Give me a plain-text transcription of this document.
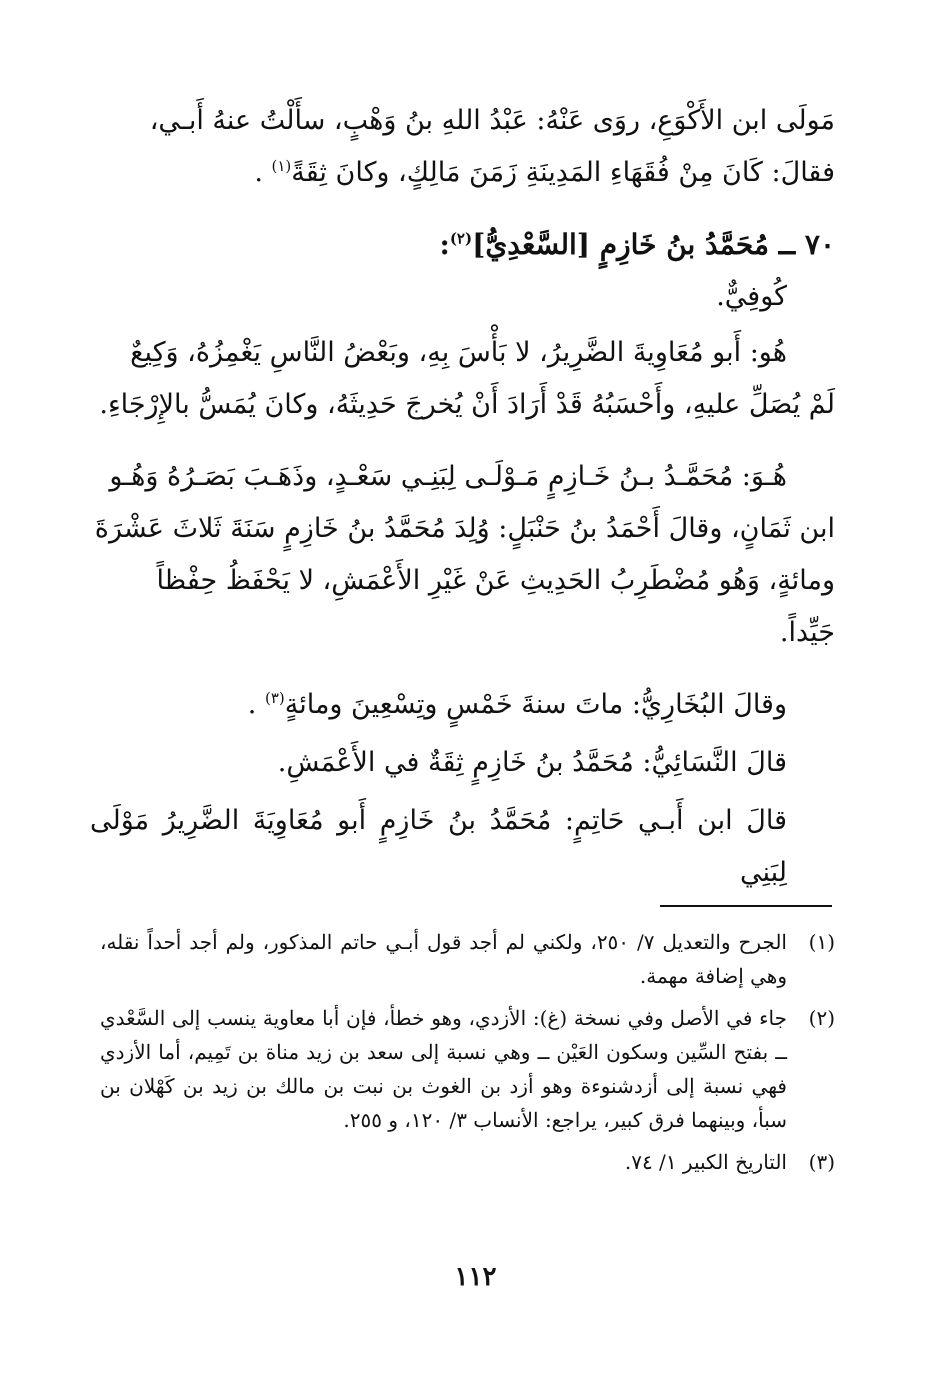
مَولَى ابن الأَكْوَعِ، روَى عَنْهُ: عَبْدُ اللهِ بنُ وَهْبٍ، سأَلْتُ عنهُ أَبـي،

فقالَ: كَانَ مِنْ فُقَهَاءِ المَدِينَةِ زَمَنَ مَالِكٍ، وكانَ ثِقَةً$^{(١)}$ .

٧٠ ــ مُحَمَّدُ بنُ خَازِمٍ [السَّعْدِيُّ]$^{(٢)}$:

كُوفِيٌّ.

هُو: أَبو مُعَاوِيةَ الضَّرِيرُ، لا بَأْسَ بِهِ، وبَعْضُ النَّاسِ يَغْمِزُهُ، وَكِيعٌ

لَمْ يُصَلِّ عليهِ، وأَحْسَبُهُ قَدْ أَرَادَ أَنْ يُخرجَ حَدِيثَهُ، وكانَ يُمَسُّ بالإِرْجَاءِ.

هُـوَ: مُحَمَّـدُ بـنُ خَـازِمٍ مَـوْلَـى لِبَنِـي سَعْـدٍ، وذَهَـبَ بَصَـرُهُ وَهُـو

ابن ثَمَانٍ، وقالَ أَحْمَدُ بنُ حَنْبَلٍ: وُلِدَ مُحَمَّدُ بنُ خَازِمٍ سَنَةَ ثَلاثَ عَشْرَةَ

ومائةٍ، وَهُو مُضْطَرِبُ الحَدِيثِ عَنْ غَيْرِ الأَعْمَشِ، لا يَحْفَظُ حِفْظاً

جَيِّداً.

وقالَ البُخَارِيُّ: ماتَ سنةَ خَمْسٍ وتِسْعِينَ ومائةٍ$^{(٣)}$ .

قالَ النَّسَائِيُّ: مُحَمَّدُ بنُ خَازِمٍ ثِقَةٌ في الأَعْمَشِ.

قالَ ابن أَبـي حَاتِمٍ: مُحَمَّدُ بنُ خَازِمٍ أَبو مُعَاوِيَةَ الضَّرِيرُ مَوْلَى لِبَنِي

(١)
الجرح والتعديل ٧/ ٢٥٠، ولكني لم أجد قول أبـي حاتم المذكور، ولم أجد أحداً نقله، وهي إضافة مهمة.
(٢)
جاء في الأصل وفي نسخة (غ): الأزدي، وهو خطأ، فإن أبا معاوية ينسب إلى السَّعْدي ــ بفتح السِّين وسكون العَيْن ــ وهي نسبة إلى سعد بن زيد مناة بن تَمِيم، أما الأزدي فهي نسبة إلى أزدشنوءة وهو أزد بن الغوث بن نبت بن مالك بن زيد بن كَهْلان بن سبأ، وبينهما فرق كبير، يراجع: الأنساب ٣/ ١٢٠، و ٢٥٥.
(٣)
التاريخ الكبير ١/ ٧٤.
١١٢
